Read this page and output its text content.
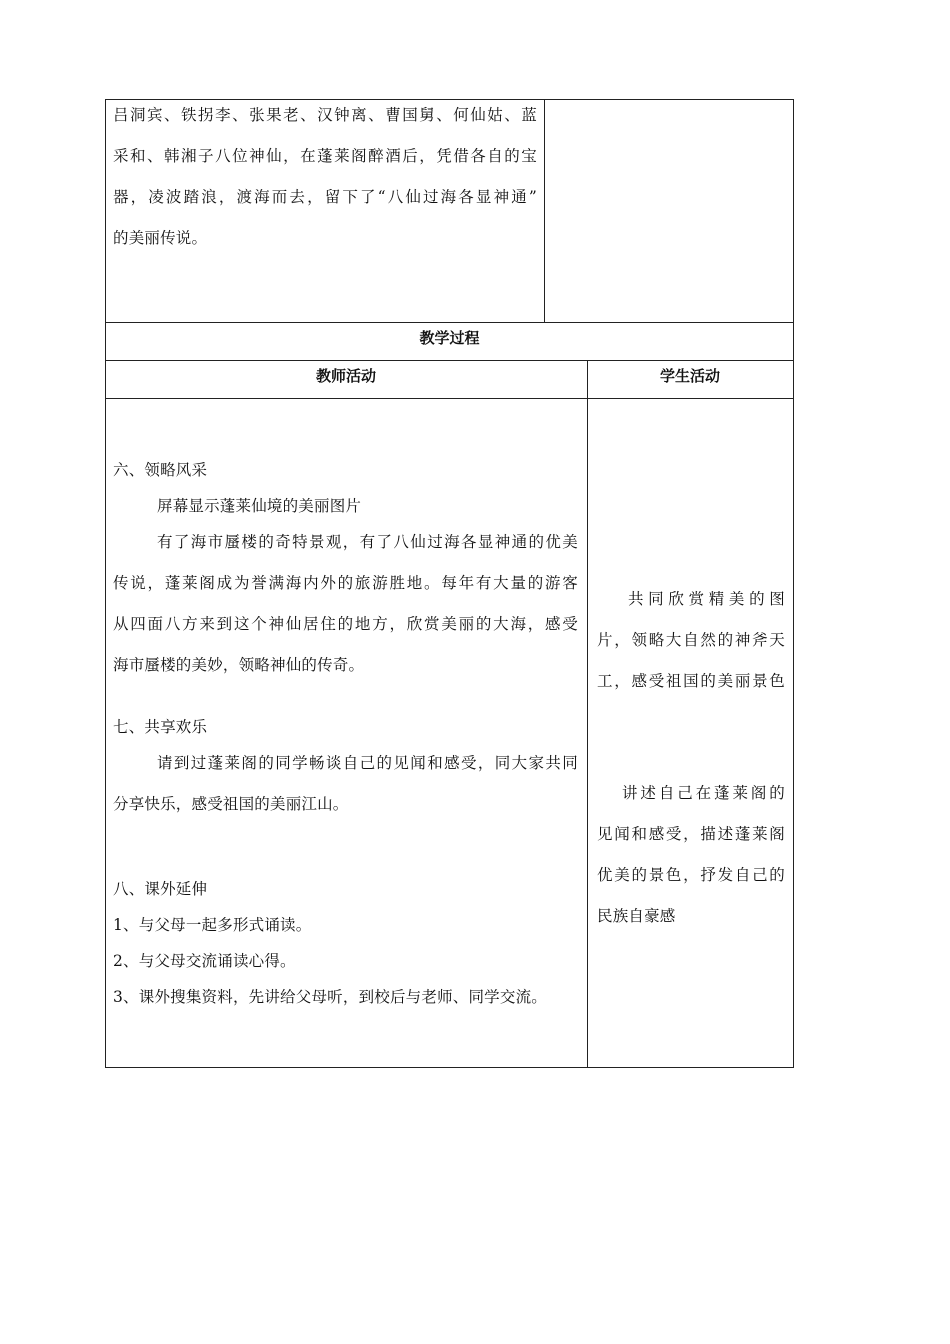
吕洞宾、铁拐李、张果老、汉钟离、曹国舅、何仙姑、蓝
采和、韩湘子八位神仙，在蓬莱阁醉酒后，凭借各自的宝
器，凌波踏浪，渡海而去，留下了“八仙过海各显神通”
的美丽传说。
教学过程
教师活动	学生活动
六、领略风采
屏幕显示蓬莱仙境的美丽图片
有了海市蜃楼的奇特景观，有了八仙过海各显神通的优美
传说，蓬莱阁成为誉满海内外的旅游胜地。每年有大量的游客
从四面八方来到这个神仙居住的地方，欣赏美丽的大海，感受
海市蜃楼的美妙，领略神仙的传奇。
七、共享欢乐
请到过蓬莱阁的同学畅谈自己的见闻和感受，同大家共同
分享快乐，感受祖国的美丽江山。
八、课外延伸
1、与父母一起多形式诵读。
2、与父母交流诵读心得。
3、课外搜集资料，先讲给父母听，到校后与老师、同学交流。
共同欣赏精美的图
片，领略大自然的神斧天
工，感受祖国的美丽景色
讲述自己在蓬莱阁的
见闻和感受，描述蓬莱阁
优美的景色，抒发自己的
民族自豪感
